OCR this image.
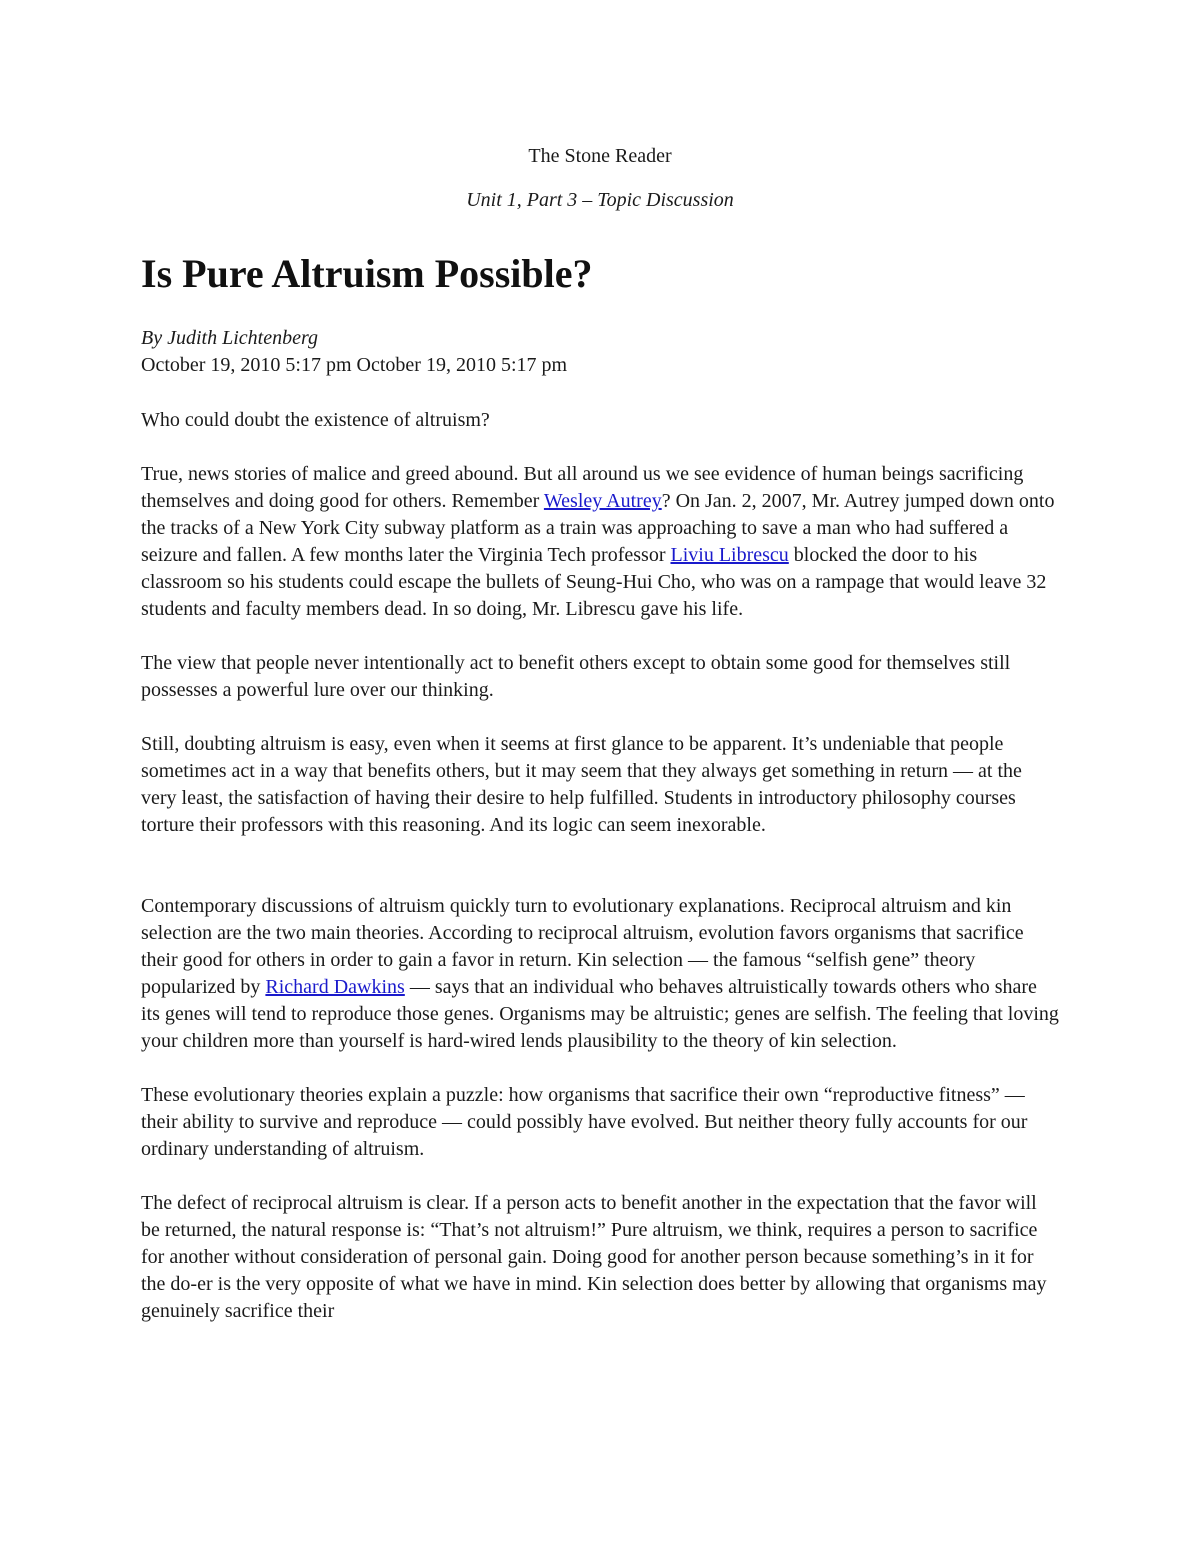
The Stone Reader

Unit 1, Part 3 – Topic Discussion

Is Pure Altruism Possible?

By Judith Lichtenberg

October 19, 2010 5:17 pm October 19, 2010 5:17 pm

Who could doubt the existence of altruism?

True, news stories of malice and greed abound. But all around us we see evidence of human beings sacrificing themselves and doing good for others. Remember Wesley Autrey? On Jan. 2, 2007, Mr. Autrey jumped down onto the tracks of a New York City subway platform as a train was approaching to save a man who had suffered a seizure and fallen. A few months later the Virginia Tech professor Liviu Librescu blocked the door to his classroom so his students could escape the bullets of Seung-Hui Cho, who was on a rampage that would leave 32 students and faculty members dead. In so doing, Mr. Librescu gave his life.

The view that people never intentionally act to benefit others except to obtain some good for themselves still possesses a powerful lure over our thinking.

Still, doubting altruism is easy, even when it seems at first glance to be apparent. It’s undeniable that people sometimes act in a way that benefits others, but it may seem that they always get something in return — at the very least, the satisfaction of having their desire to help fulfilled. Students in introductory philosophy courses torture their professors with this reasoning. And its logic can seem inexorable.

Contemporary discussions of altruism quickly turn to evolutionary explanations. Reciprocal altruism and kin selection are the two main theories. According to reciprocal altruism, evolution favors organisms that sacrifice their good for others in order to gain a favor in return. Kin selection — the famous “selfish gene” theory popularized by Richard Dawkins — says that an individual who behaves altruistically towards others who share its genes will tend to reproduce those genes. Organisms may be altruistic; genes are selfish. The feeling that loving your children more than yourself is hard-wired lends plausibility to the theory of kin selection.

These evolutionary theories explain a puzzle: how organisms that sacrifice their own “reproductive fitness” — their ability to survive and reproduce — could possibly have evolved. But neither theory fully accounts for our ordinary understanding of altruism.

The defect of reciprocal altruism is clear. If a person acts to benefit another in the expectation that the favor will be returned, the natural response is: “That’s not altruism!” Pure altruism, we think, requires a person to sacrifice for another without consideration of personal gain. Doing good for another person because something’s in it for the do-er is the very opposite of what we have in mind. Kin selection does better by allowing that organisms may genuinely sacrifice their
